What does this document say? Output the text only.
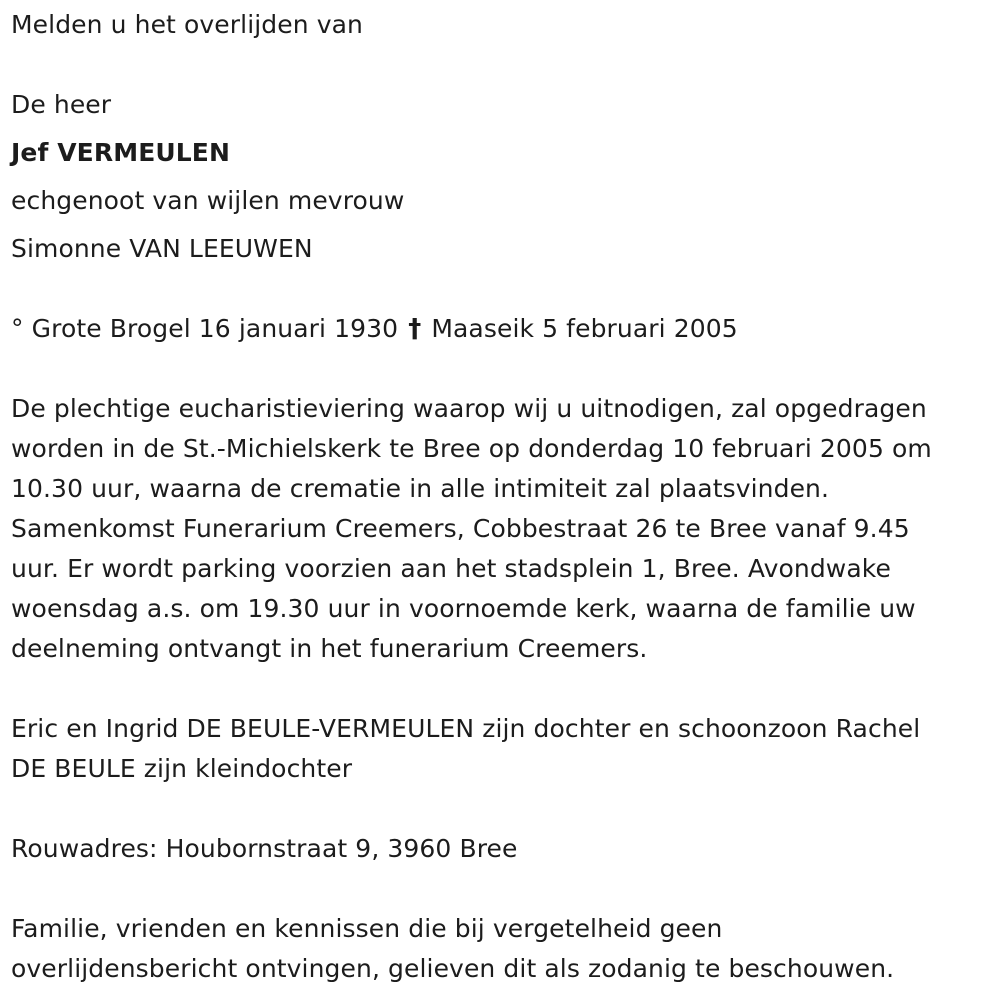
Melden u het overlijden van
De heer
Jef VERMEULEN
echgenoot van wijlen mevrouw
Simonne VAN LEEUWEN
° Grote Brogel 16 januari 1930 † Maaseik 5 februari 2005
De plechtige eucharistieviering waarop wij u uitnodigen, zal opgedragen
worden in de St.-Michielskerk te Bree op donderdag 10 februari 2005 om
10.30 uur, waarna de crematie in alle intimiteit zal plaatsvinden.
Samenkomst Funerarium Creemers, Cobbestraat 26 te Bree vanaf 9.45
uur. Er wordt parking voorzien aan het stadsplein 1, Bree. Avondwake
woensdag a.s. om 19.30 uur in voornoemde kerk, waarna de familie uw
deelneming ontvangt in het funerarium Creemers.
Eric en Ingrid DE BEULE-VERMEULEN zijn dochter en schoonzoon Rachel
DE BEULE zijn kleindochter
Rouwadres: Houbornstraat 9, 3960 Bree
Familie, vrienden en kennissen die bij vergetelheid geen
overlijdensbericht ontvingen, gelieven dit als zodanig te beschouwen.
